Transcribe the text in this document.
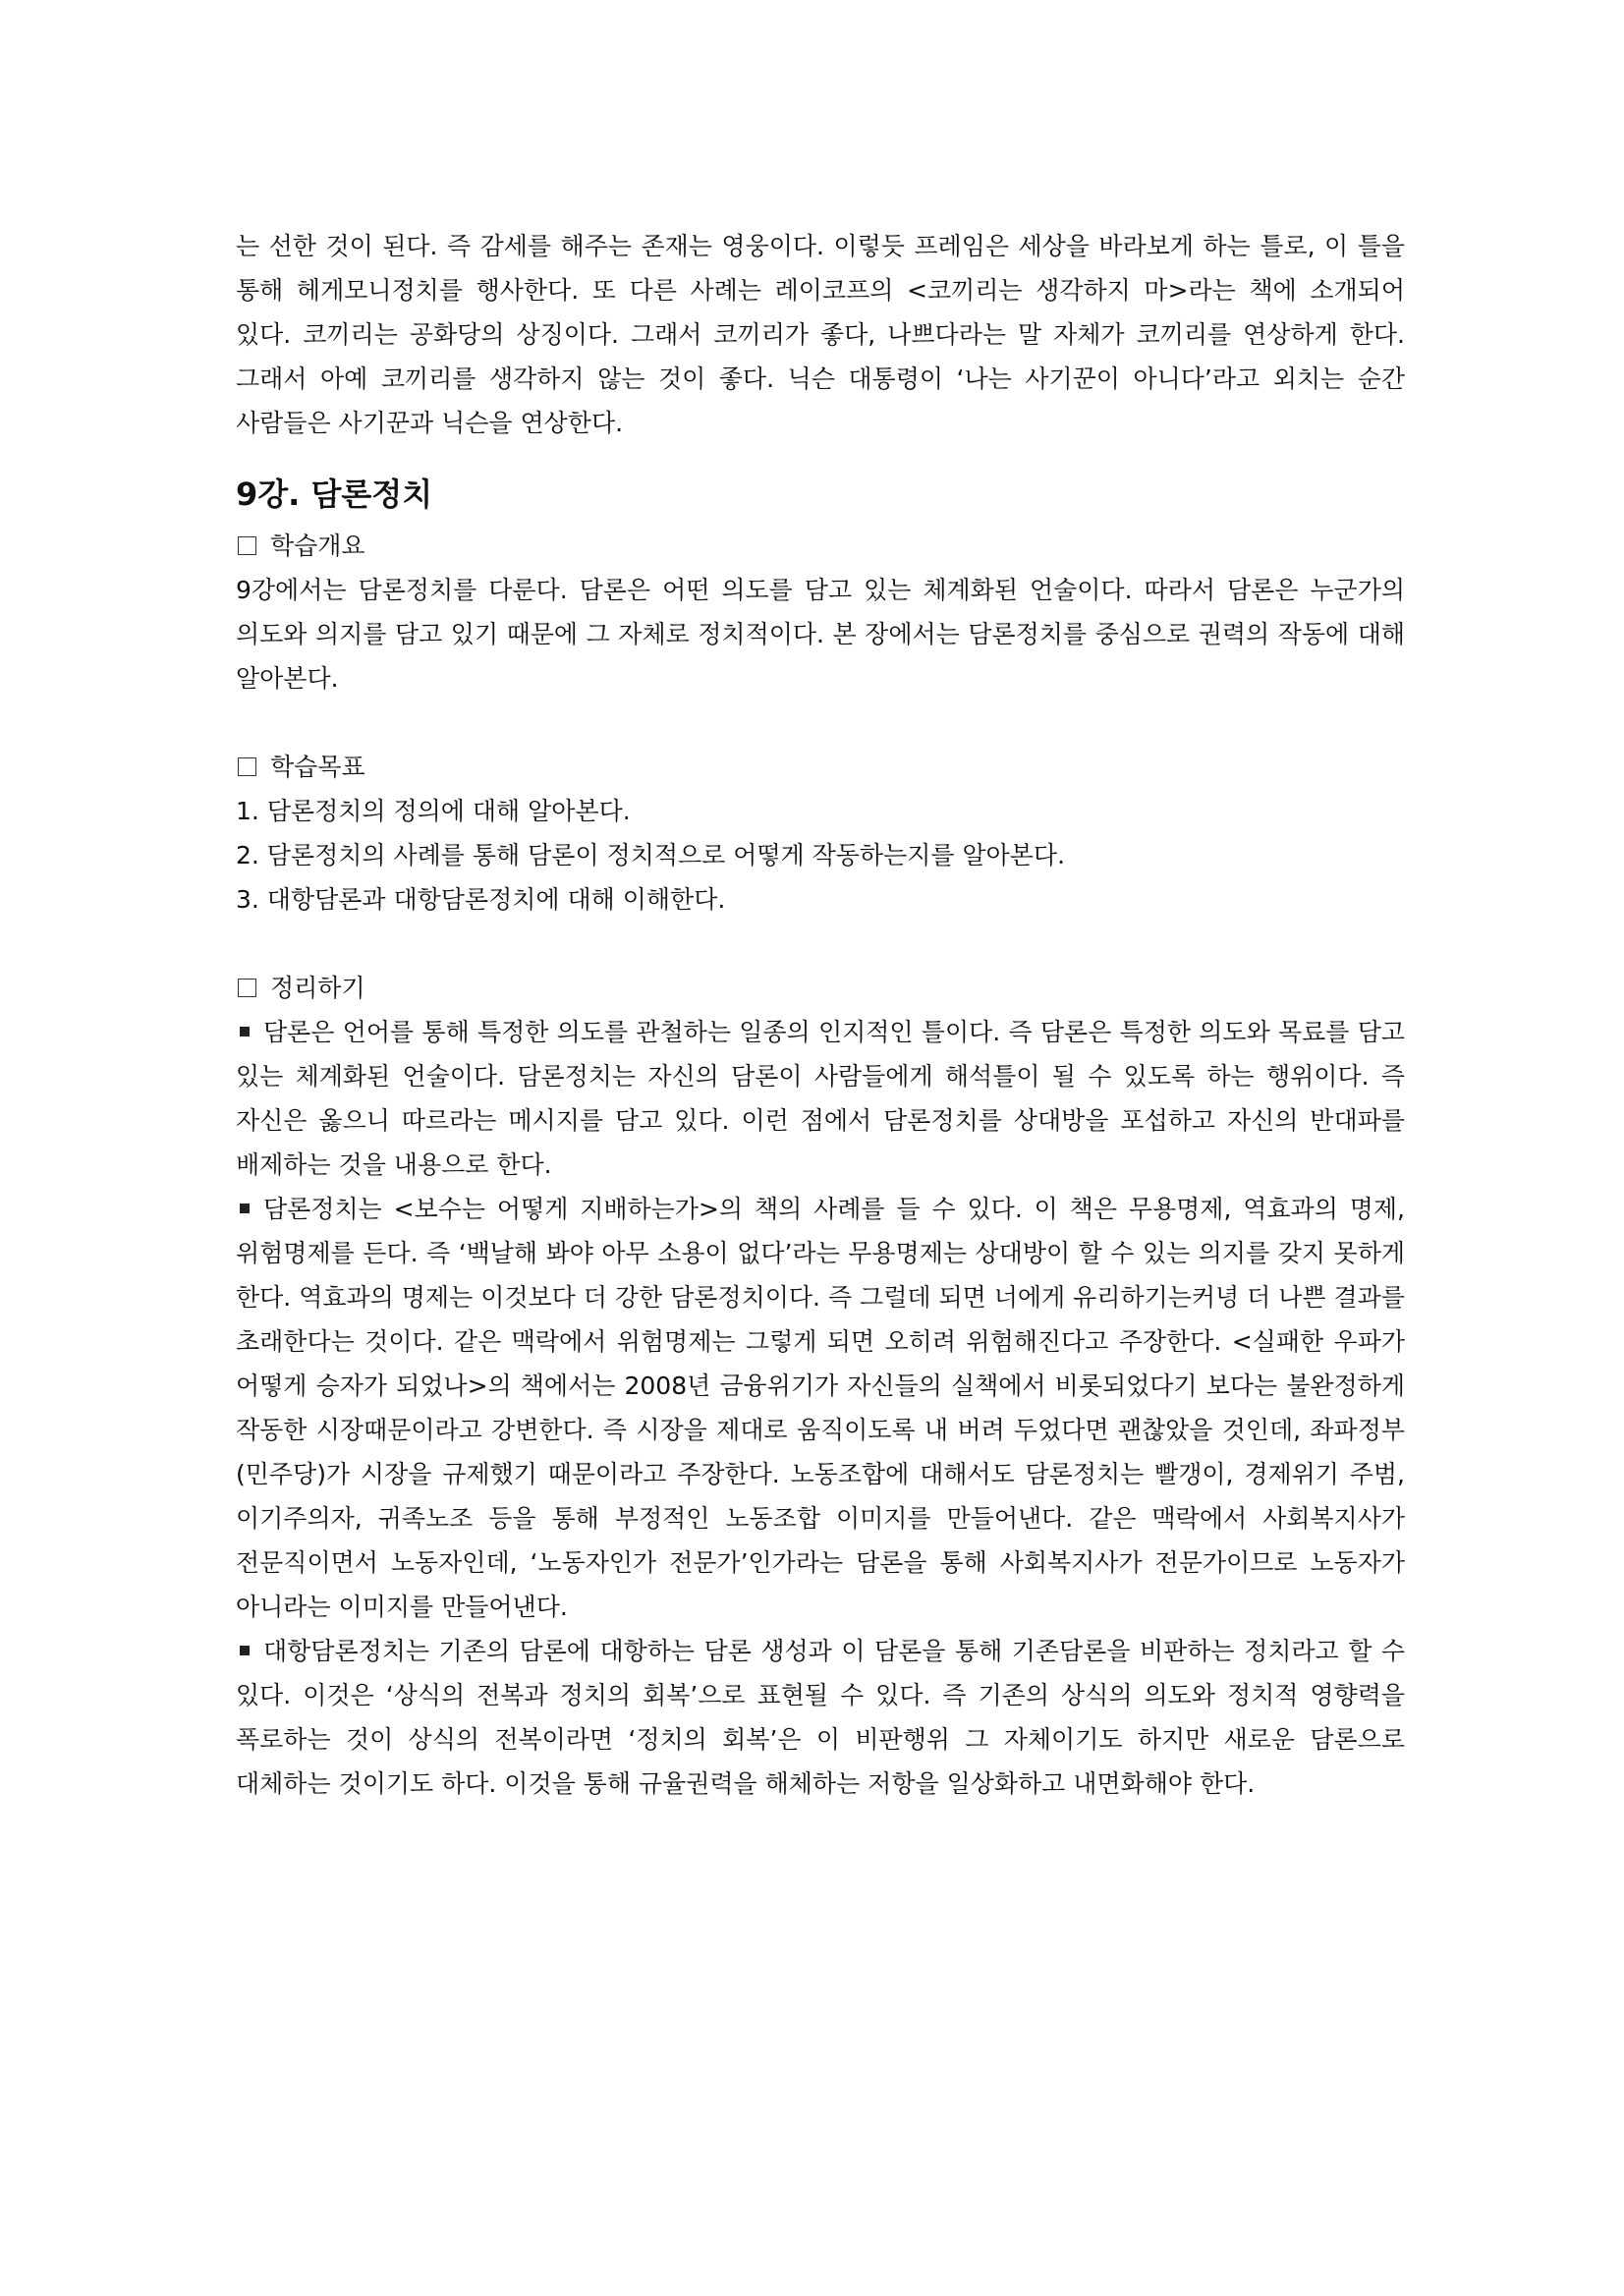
는 선한 것이 된다. 즉 감세를 해주는 존재는 영웅이다. 이렇듯 프레임은 세상을 바라보게 하는 틀로, 이 틀을 통해 헤게모니정치를 행사한다. 또 다른 사례는 레이코프의 <코끼리는 생각하지 마>라는 책에 소개되어 있다. 코끼리는 공화당의 상징이다. 그래서 코끼리가 좋다, 나쁘다라는 말 자체가 코끼리를 연상하게 한다. 그래서 아예 코끼리를 생각하지 않는 것이 좋다. 닉슨 대통령이 ‘나는 사기꾼이 아니다’라고 외치는 순간 사람들은 사기꾼과 닉슨을 연상한다.

9강. 담론정치
학습개요

9강에서는 담론정치를 다룬다. 담론은 어떤 의도를 담고 있는 체계화된 언술이다. 따라서 담론은 누군가의 의도와 의지를 담고 있기 때문에 그 자체로 정치적이다. 본 장에서는 담론정치를 중심으로 권력의 작동에 대해 알아본다.

학습목표
1. 담론정치의 정의에 대해 알아본다.
2. 담론정치의 사례를 통해 담론이 정치적으로 어떻게 작동하는지를 알아본다.
3. 대항담론과 대항담론정치에 대해 이해한다.
정리하기

담론은 언어를 통해 특정한 의도를 관철하는 일종의 인지적인 틀이다. 즉 담론은 특정한 의도와 목료를 담고 있는 체계화된 언술이다. 담론정치는 자신의 담론이 사람들에게 해석틀이 될 수 있도록 하는 행위이다. 즉 자신은 옳으니 따르라는 메시지를 담고 있다. 이런 점에서 담론정치를 상대방을 포섭하고 자신의 반대파를 배제하는 것을 내용으로 한다.

담론정치는 <보수는 어떻게 지배하는가>의 책의 사례를 들 수 있다. 이 책은 무용명제, 역효과의 명제, 위험명제를 든다. 즉 ‘백날해 봐야 아무 소용이 없다’라는 무용명제는 상대방이 할 수 있는 의지를 갖지 못하게 한다. 역효과의 명제는 이것보다 더 강한 담론정치이다. 즉 그럴데 되면 너에게 유리하기는커녕 더 나쁜 결과를 초래한다는 것이다. 같은 맥락에서 위험명제는 그렇게 되면 오히려 위험해진다고 주장한다. <실패한 우파가 어떻게 승자가 되었나>의 책에서는 2008년 금융위기가 자신들의 실책에서 비롯되었다기 보다는 불완정하게 작동한 시장때문이라고 강변한다. 즉 시장을 제대로 움직이도록 내 버려 두었다면 괜찮았을 것인데, 좌파정부(민주당)가 시장을 규제했기 때문이라고 주장한다. 노동조합에 대해서도 담론정치는 빨갱이, 경제위기 주범, 이기주의자, 귀족노조 등을 통해 부정적인 노동조합 이미지를 만들어낸다. 같은 맥락에서 사회복지사가 전문직이면서 노동자인데, ‘노동자인가 전문가’인가라는 담론을 통해 사회복지사가 전문가이므로 노동자가 아니라는 이미지를 만들어낸다.

대항담론정치는 기존의 담론에 대항하는 담론 생성과 이 담론을 통해 기존담론을 비판하는 정치라고 할 수 있다. 이것은 ‘상식의 전복과 정치의 회복’으로 표현될 수 있다. 즉 기존의 상식의 의도와 정치적 영향력을 폭로하는 것이 상식의 전복이라면 ‘정치의 회복’은 이 비판행위 그 자체이기도 하지만 새로운 담론으로 대체하는 것이기도 하다. 이것을 통해 규율권력을 해체하는 저항을 일상화하고 내면화해야 한다.
